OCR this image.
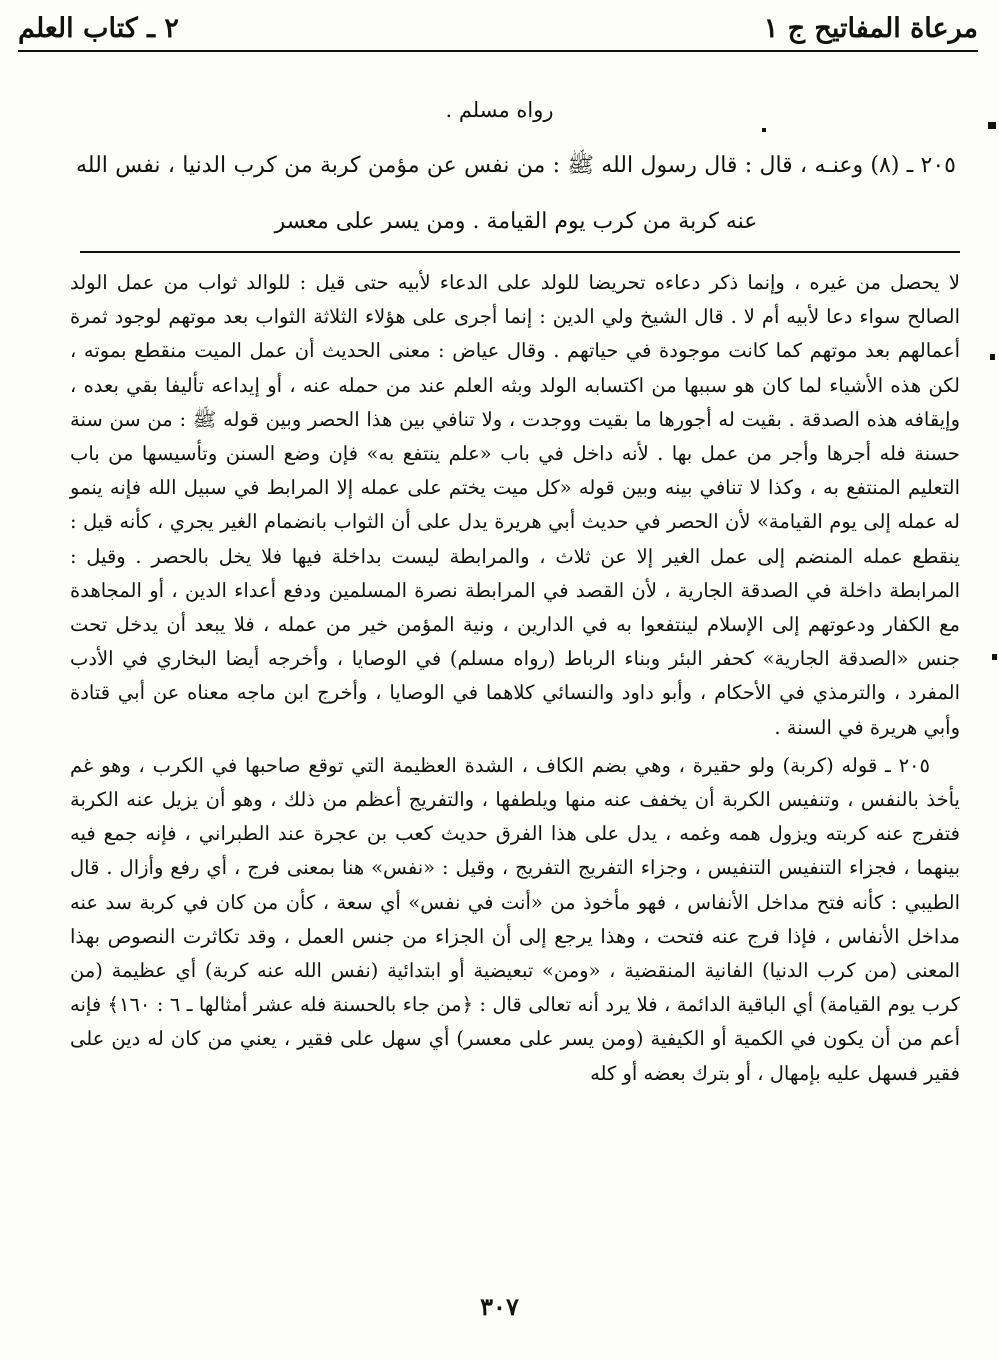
مرعاة المفاتيح ج ١
٢ ـ كتاب العلم
رواه مسلم .
٢٠٥ ـ (٨) وعنـه ، قال : قال رسول الله ﷺ : من نفس عن مؤمن كربة من كرب الدنيا ، نفس الله عنه كربة من كرب يوم القيامة . ومن يسر على معسر

لا يحصل من غيره ، وإنما ذكر دعاءه تحريضا للولد على الدعاء لأبيه حتى قيل : للوالد ثواب من عمل الولد الصالح سواء دعا لأبيه أم لا . قال الشيخ ولي الدين : إنما أجرى على هؤلاء الثلاثة الثواب بعد موتهم لوجود ثمرة أعمالهم بعد موتهم كما كانت موجودة في حياتهم . وقال عياض : معنى الحديث أن عمل الميت منقطع بموته ، لكن هذه الأشياء لما كان هو سببها من اكتسابه الولد وبثه العلم عند من حمله عنه ، أو إيداعه تأليفا بقي بعده ، وإيقافه هذه الصدقة . بقيت له أجورها ما بقيت ووجدت ، ولا تنافي بين هذا الحصر وبين قوله ﷺ : من سن سنة حسنة فله أجرها وأجر من عمل بها . لأنه داخل في باب «علم ينتفع به» فإن وضع السنن وتأسيسها من باب التعليم المنتفع به ، وكذا لا تنافي بينه وبين قوله «كل ميت يختم على عمله إلا المرابط في سبيل الله فإنه ينمو له عمله إلى يوم القيامة» لأن الحصر في حديث أبي هريرة يدل على أن الثواب بانضمام الغير يجري ، كأنه قيل : ينقطع عمله المنضم إلى عمل الغير إلا عن ثلاث ، والمرابطة ليست بداخلة فيها فلا يخل بالحصر . وقيل : المرابطة داخلة في الصدقة الجارية ، لأن القصد في المرابطة نصرة المسلمين ودفع أعداء الدين ، أو المجاهدة مع الكفار ودعوتهم إلى الإسلام لينتفعوا به في الدارين ، ونية المؤمن خير من عمله ، فلا يبعد أن يدخل تحت جنس «الصدقة الجارية» كحفر البئر وبناء الرباط (رواه مسلم) في الوصايا ، وأخرجه أيضا البخاري في الأدب المفرد ، والترمذي في الأحكام ، وأبو داود والنسائي كلاهما في الوصايا ، وأخرج ابن ماجه معناه عن أبي قتادة وأبي هريرة في السنة .

٢٠٥ ـ قوله (كربة) ولو حقيرة ، وهي بضم الكاف ، الشدة العظيمة التي توقع صاحبها في الكرب ، وهو غم يأخذ بالنفس ، وتنفيس الكربة أن يخفف عنه منها ويلطفها ، والتفريج أعظم من ذلك ، وهو أن يزيل عنه الكربة فتفرج عنه كربته ويزول همه وغمه ، يدل على هذا الفرق حديث كعب بن عجرة عند الطبراني ، فإنه جمع فيه بينهما ، فجزاء التنفيس التنفيس ، وجزاء التفريج التفريج ، وقيل : «نفس» هنا بمعنى فرج ، أي رفع وأزال . قال الطيبي : كأنه فتح مداخل الأنفاس ، فهو مأخوذ من «أنت في نفس» أي سعة ، كأن من كان في كربة سد عنه مداخل الأنفاس ، فإذا فرج عنه فتحت ، وهذا يرجع إلى أن الجزاء من جنس العمل ، وقد تكاثرت النصوص بهذا المعنى (من كرب الدنيا) الفانية المنقضية ، «ومن» تبعيضية أو ابتدائية (نفس الله عنه كربة) أي عظيمة (من كرب يوم القيامة) أي الباقية الدائمة ، فلا يرد أنه تعالى قال : ﴿من جاء بالحسنة فله عشر أمثالها ـ ٦ : ١٦٠﴾ فإنه أعم من أن يكون في الكمية أو الكيفية (ومن يسر على معسر) أي سهل على فقير ، يعني من كان له دين على فقير فسهل عليه بإمهال ، أو بترك بعضه أو كله

٣٠٧
